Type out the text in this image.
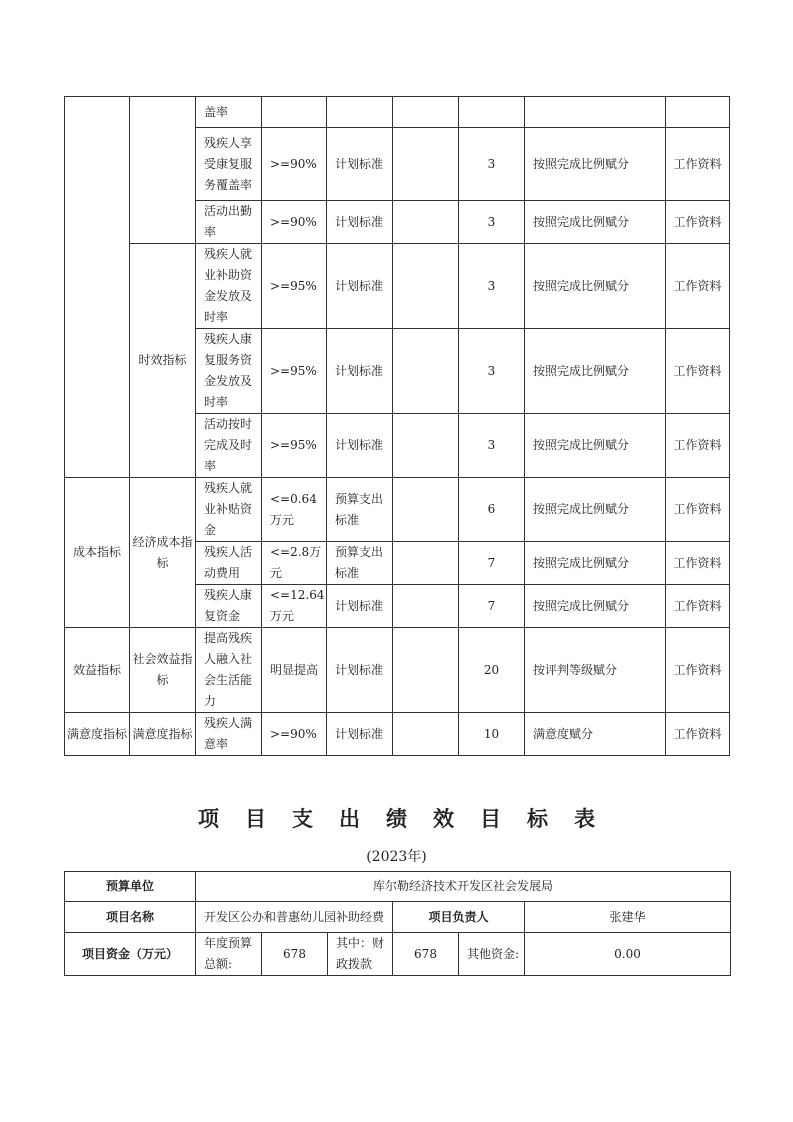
		盖率						
		残疾人享受康复服务覆盖率	>=90%	计划标准		3	按照完成比例赋分	工作资料
		活动出勤率	>=90%	计划标准		3	按照完成比例赋分	工作资料
	时效指标	残疾人就业补助资金发放及时率	>=95%	计划标准		3	按照完成比例赋分	工作资料
		残疾人康复服务资金发放及时率	>=95%	计划标准		3	按照完成比例赋分	工作资料
		活动按时完成及时率	>=95%	计划标准		3	按照完成比例赋分	工作资料
成本指标	经济成本指标	残疾人就业补贴资金	<=0.64万元	预算支出标准		6	按照完成比例赋分	工作资料
		残疾人活动费用	<=2.8万元	预算支出标准		7	按照完成比例赋分	工作资料
		残疾人康复资金	<=12.64万元	计划标准		7	按照完成比例赋分	工作资料
效益指标	社会效益指标	提高残疾人融入社会生活能力	明显提高	计划标准		20	按评判等级赋分	工作资料
满意度指标	满意度指标	残疾人满意率	>=90%	计划标准		10	满意度赋分	工作资料
项目支出绩效目标表
(2023年)
预算单位	库尔勒经济技术开发区社会发展局					
项目名称	开发区公办和普惠幼儿园补助经费			项目负责人		张建华
项目资金（万元）	年度预算总额:	678	其中：财政拨款	678	其他资金:	0.00
